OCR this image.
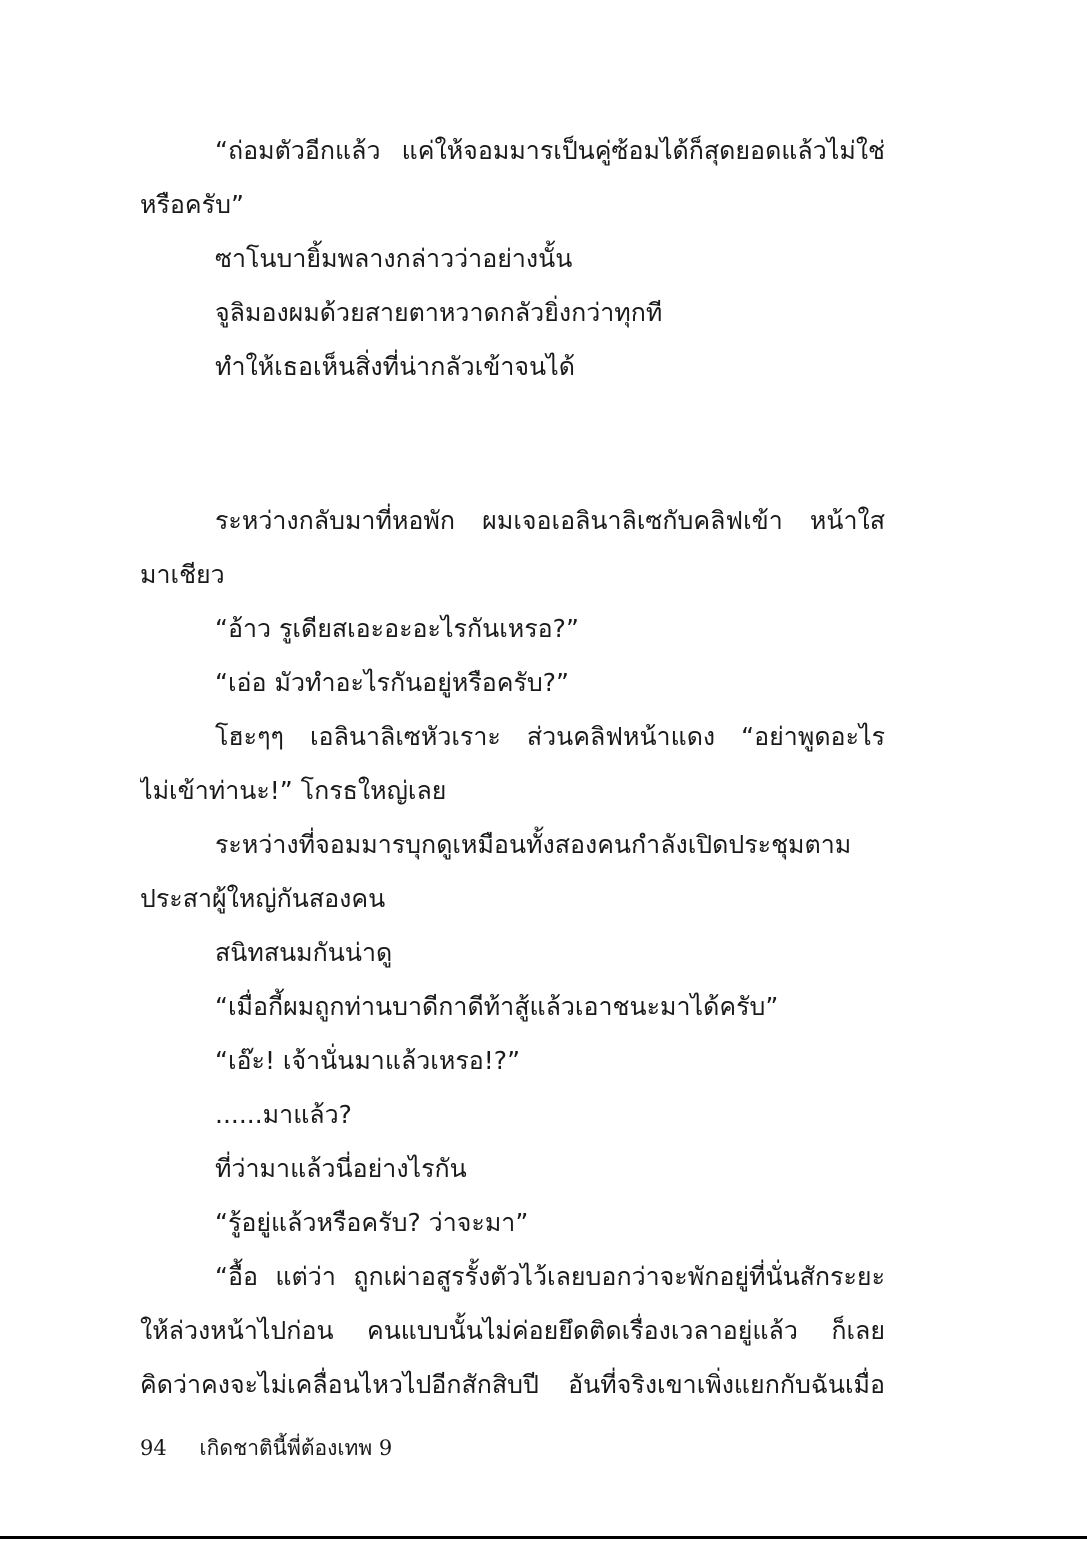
“ถ่อมตัวอีกแล้ว แค่ให้จอมมารเป็นคู่ซ้อมได้ก็สุดยอดแล้วไม่ใช่
หรือครับ”
ซาโนบายิ้มพลางกล่าวว่าอย่างนั้น
จูลิมองผมด้วยสายตาหวาดกลัวยิ่งกว่าทุกที
ทำให้เธอเห็นสิ่งที่น่ากลัวเข้าจนได้
ระหว่างกลับมาที่หอพัก ผมเจอเอลินาลิเซกับคลิฟเข้า หน้าใส
มาเชียว
“อ้าว รูเดียสเอะอะอะไรกันเหรอ?”
“เอ่อ มัวทำอะไรกันอยู่หรือครับ?”
โฮะๆๆ เอลินาลิเซหัวเราะ ส่วนคลิฟหน้าแดง “อย่าพูดอะไร
ไม่เข้าท่านะ!” โกรธใหญ่เลย
ระหว่างที่จอมมารบุกดูเหมือนทั้งสองคนกำลังเปิดประชุมตาม
ประสาผู้ใหญ่กันสองคน
สนิทสนมกันน่าดู
“เมื่อกี้ผมถูกท่านบาดีกาดีท้าสู้แล้วเอาชนะมาได้ครับ”
“เอ๊ะ! เจ้านั่นมาแล้วเหรอ!?”
......มาแล้ว?
ที่ว่ามาแล้วนี่อย่างไรกัน
“รู้อยู่แล้วหรือครับ? ว่าจะมา”
“อื้อ แต่ว่า ถูกเผ่าอสูรรั้งตัวไว้เลยบอกว่าจะพักอยู่ที่นั่นสักระยะ
ให้ล่วงหน้าไปก่อน คนแบบนั้นไม่ค่อยยึดติดเรื่องเวลาอยู่แล้ว ก็เลย
คิดว่าคงจะไม่เคลื่อนไหวไปอีกสักสิบปี อันที่จริงเขาเพิ่งแยกกับฉันเมื่อ
94 เกิดชาตินี้พี่ต้องเทพ 9
